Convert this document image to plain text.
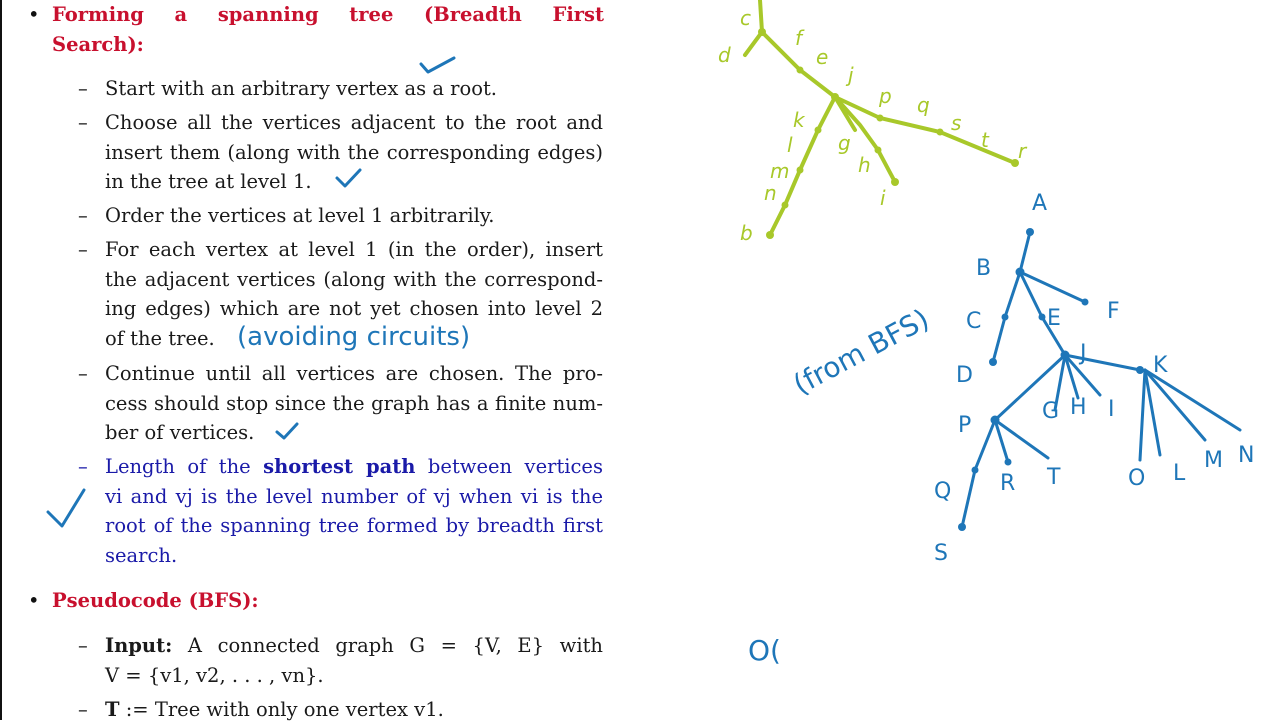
• Forming a spanning tree (Breadth First
Search):
– Start with an arbitrary vertex as a root.
– Choose all the vertices adjacent to the root and
insert them (along with the corresponding edges)
in the tree at level 1.
– Order the vertices at level 1 arbitrarily.
– For each vertex at level 1 (in the order), insert
the adjacent vertices (along with the correspond-
ing edges) which are not yet chosen into level 2
of the tree.
– Continue until all vertices are chosen. The pro-
cess should stop since the graph has a finite num-
ber of vertices.
– Length of the shortest path between vertices
vi and vj is the level number of vj when vi is the
root of the spanning tree formed by breadth first
search.
• Pseudocode (BFS):
– Input: A connected graph G = {V, E} with
V = {v1, v2, . . . , vn}.
– T := Tree with only one vertex v1.
c
d
f
e
j
p q
s
t r
k
l g
m	h
i
n
b
A
B
C	E F
D
J	K
P
G H I
Q R T	O L
M N
S
(avoiding circuits)	(from BFS)
O(
